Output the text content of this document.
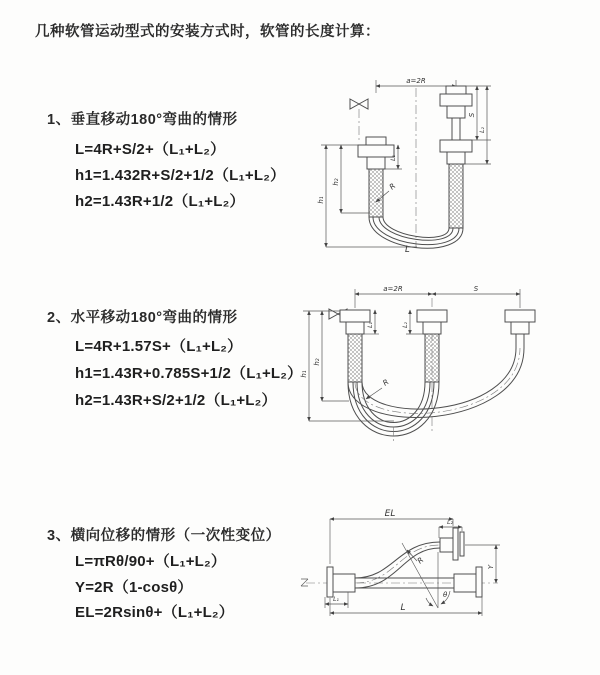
几种软管运动型式的安装方式时，软管的长度计算：
1、垂直移动180°弯曲的情形
L=4R+S/2+（L₁+L₂）
h1=1.432R+S/2+1/2（L₁+L₂）
h2=1.43R+1/2（L₁+L₂）
2、水平移动180°弯曲的情形
L=4R+1.57S+（L₁+L₂）
h1=1.43R+0.785S+1/2（L₁+L₂）
h2=1.43R+S/2+1/2（L₁+L₂）
3、横向位移的情形（一次性变位）
L=πRθ/90+（L₁+L₂）
Y=2R（1-cosθ）
EL=2Rsinθ+（L₁+L₂）
a=2R
h₁
h₂
L₁
S
L₂
R
L
a=2R	S
L₁	L₂
h₁
h₂
R
EL
L₂
Y
R
θ
L₁
L
